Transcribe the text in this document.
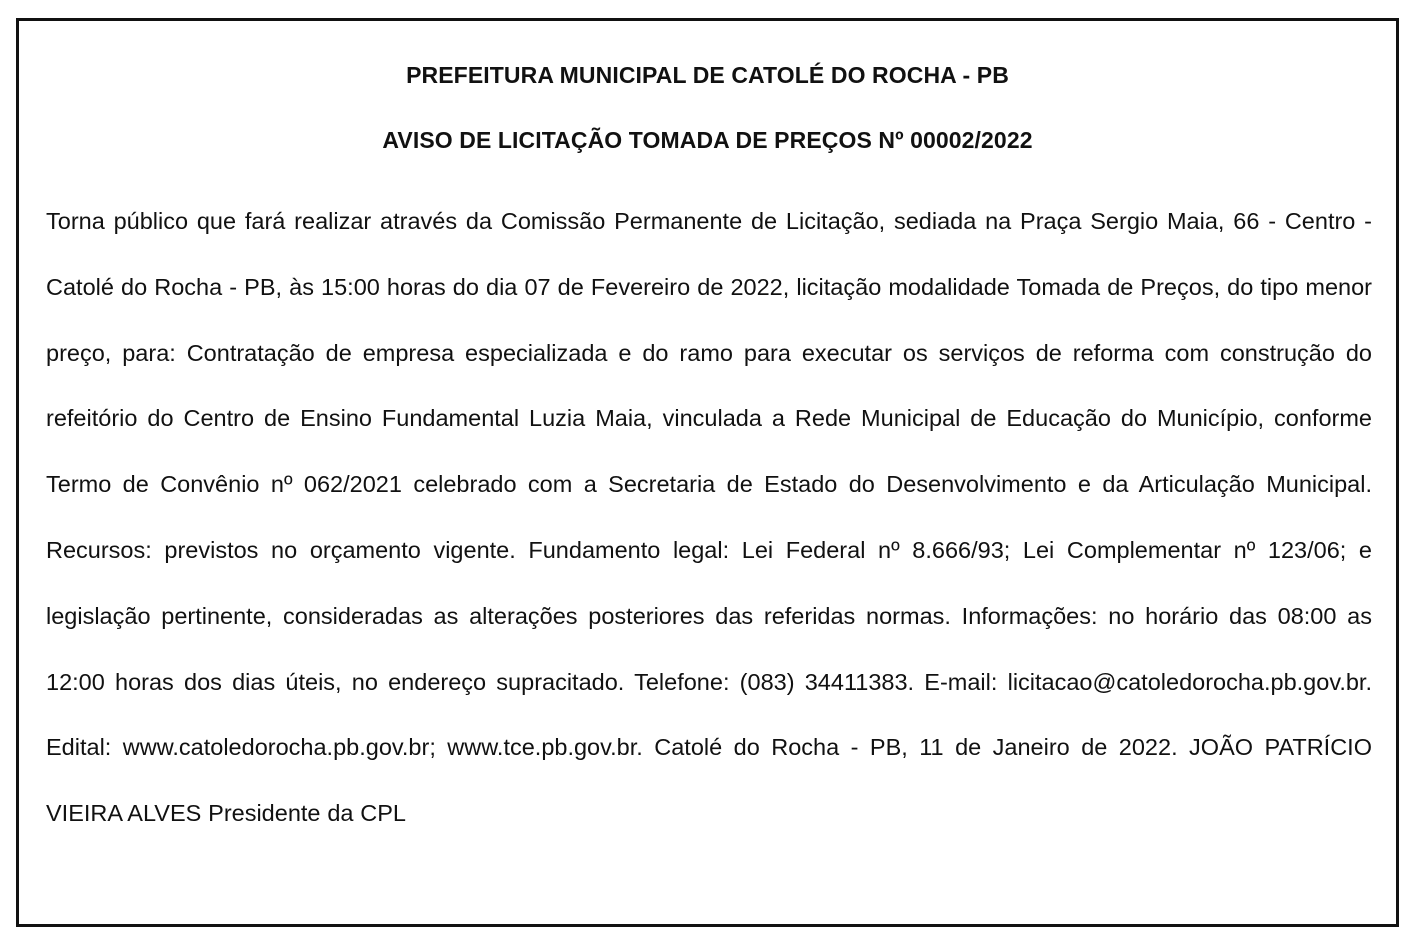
PREFEITURA MUNICIPAL DE CATOLÉ DO ROCHA - PB
AVISO DE LICITAÇÃO TOMADA DE PREÇOS Nº 00002/2022
Torna público que fará realizar através da Comissão Permanente de Licitação, sediada na Praça Sergio Maia, 66 - Centro - Catolé do Rocha - PB, às 15:00 horas do dia 07 de Fevereiro de 2022, licitação modalidade Tomada de Preços, do tipo menor preço, para: Contratação de empresa especializada e do ramo para executar os serviços de reforma com construção do refeitório do Centro de Ensino Fundamental Luzia Maia, vinculada a Rede Municipal de Educação do Município, conforme Termo de Convênio nº 062/2021 celebrado com a Secretaria de Estado do Desenvolvimento e da Articulação Municipal. Recursos: previstos no orçamento vigente. Fundamento legal: Lei Federal nº 8.666/93; Lei Complementar nº 123/06; e legislação pertinente, consideradas as alterações posteriores das referidas normas. Informações: no horário das 08:00 as 12:00 horas dos dias úteis, no endereço supracitado. Telefone: (083) 34411383. E-mail: licitacao@catoledorocha.pb.gov.br. Edital: www.catoledorocha.pb.gov.br; www.tce.pb.gov.br. Catolé do Rocha - PB, 11 de Janeiro de 2022. JOÃO PATRÍCIO VIEIRA ALVES Presidente da CPL
